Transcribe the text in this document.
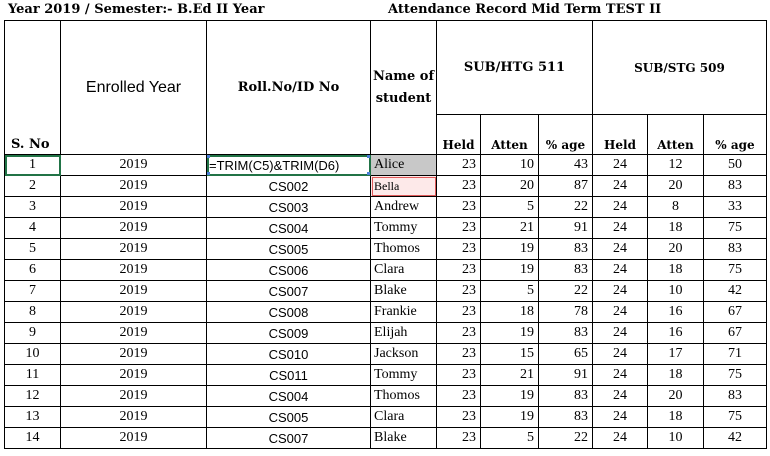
Year 2019 / Semester:- B.Ed II Year	Attendance Record Mid Term TEST II
S. No	Enrolled Year	Roll.No/ID No	Name of student	SUB/HTG 511			SUB/STG 509		
				Held	Atten	% age	Held	Atten	% age
1	2019	=TRIM(C5)&TRIM(D6)	Alice	23	10	43	24	12	50
2	2019	CS002	Bella	23	20	87	24	20	83
3	2019	CS003	Andrew	23	5	22	24	8	33
4	2019	CS004	Tommy	23	21	91	24	18	75
5	2019	CS005	Thomos	23	19	83	24	20	83
6	2019	CS006	Clara	23	19	83	24	18	75
7	2019	CS007	Blake	23	5	22	24	10	42
8	2019	CS008	Frankie	23	18	78	24	16	67
9	2019	CS009	Elijah	23	19	83	24	16	67
10	2019	CS010	Jackson	23	15	65	24	17	71
11	2019	CS011	Tommy	23	21	91	24	18	75
12	2019	CS004	Thomos	23	19	83	24	20	83
13	2019	CS005	Clara	23	19	83	24	18	75
14	2019	CS007	Blake	23	5	22	24	10	42
